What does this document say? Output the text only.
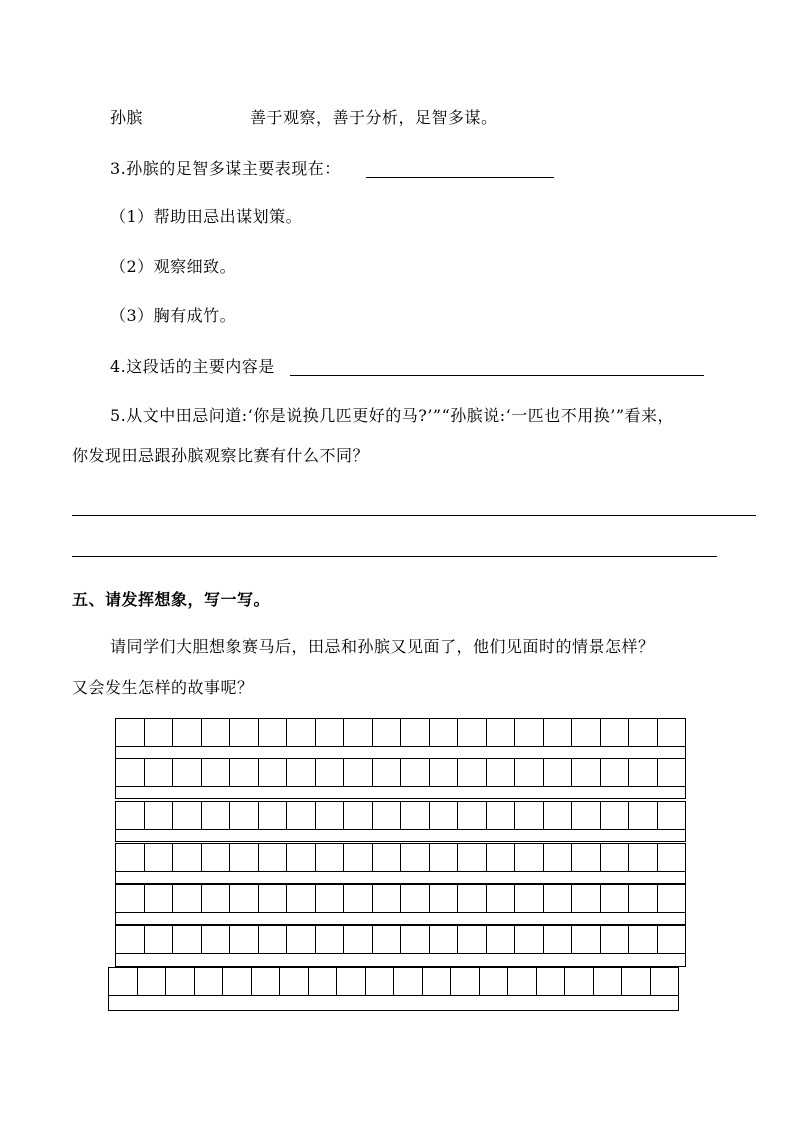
孙膑	善于观察，善于分析，足智多谋。
3.孙膑的足智多谋主要表现在：
（1）帮助田忌出谋划策。
（2）观察细致。
（3）胸有成竹。
4.这段话的主要内容是
5.从文中田忌问道:‘你是说换几匹更好的马?’”“孙膑说:‘一匹也不用换’”看来，
你发现田忌跟孙膑观察比赛有什么不同？
五、请发挥想象，写一写。
请同学们大胆想象赛马后，田忌和孙膑又见面了，他们见面时的情景怎样？
又会发生怎样的故事呢？
